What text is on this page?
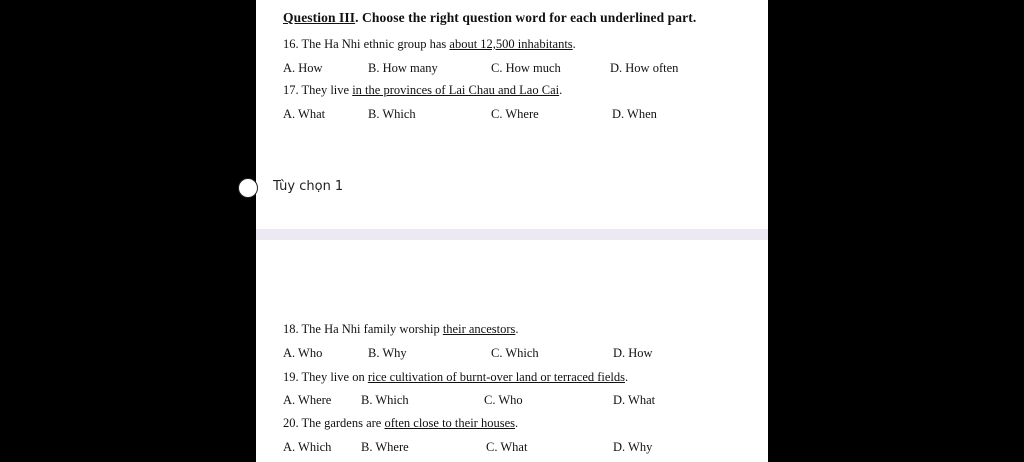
Question III. Choose the right question word for each underlined part.
16. The Ha Nhi ethnic group has about 12,500 inhabitants.
A. How	B. How many	C. How much	D. How often
17. They live in the provinces of Lai Chau and Lao Cai.
A. What	B. Which	C. Where	D. When
Tùy chọn 1
18. The Ha Nhi family worship their ancestors.
A. Who	B. Why	C. Which	D. How
19. They live on rice cultivation of burnt-over land or terraced fields.
A. Where B. Which	C. Who	D. What
20. The gardens are often close to their houses.
A. Which B. Where	C. What	D. Why
